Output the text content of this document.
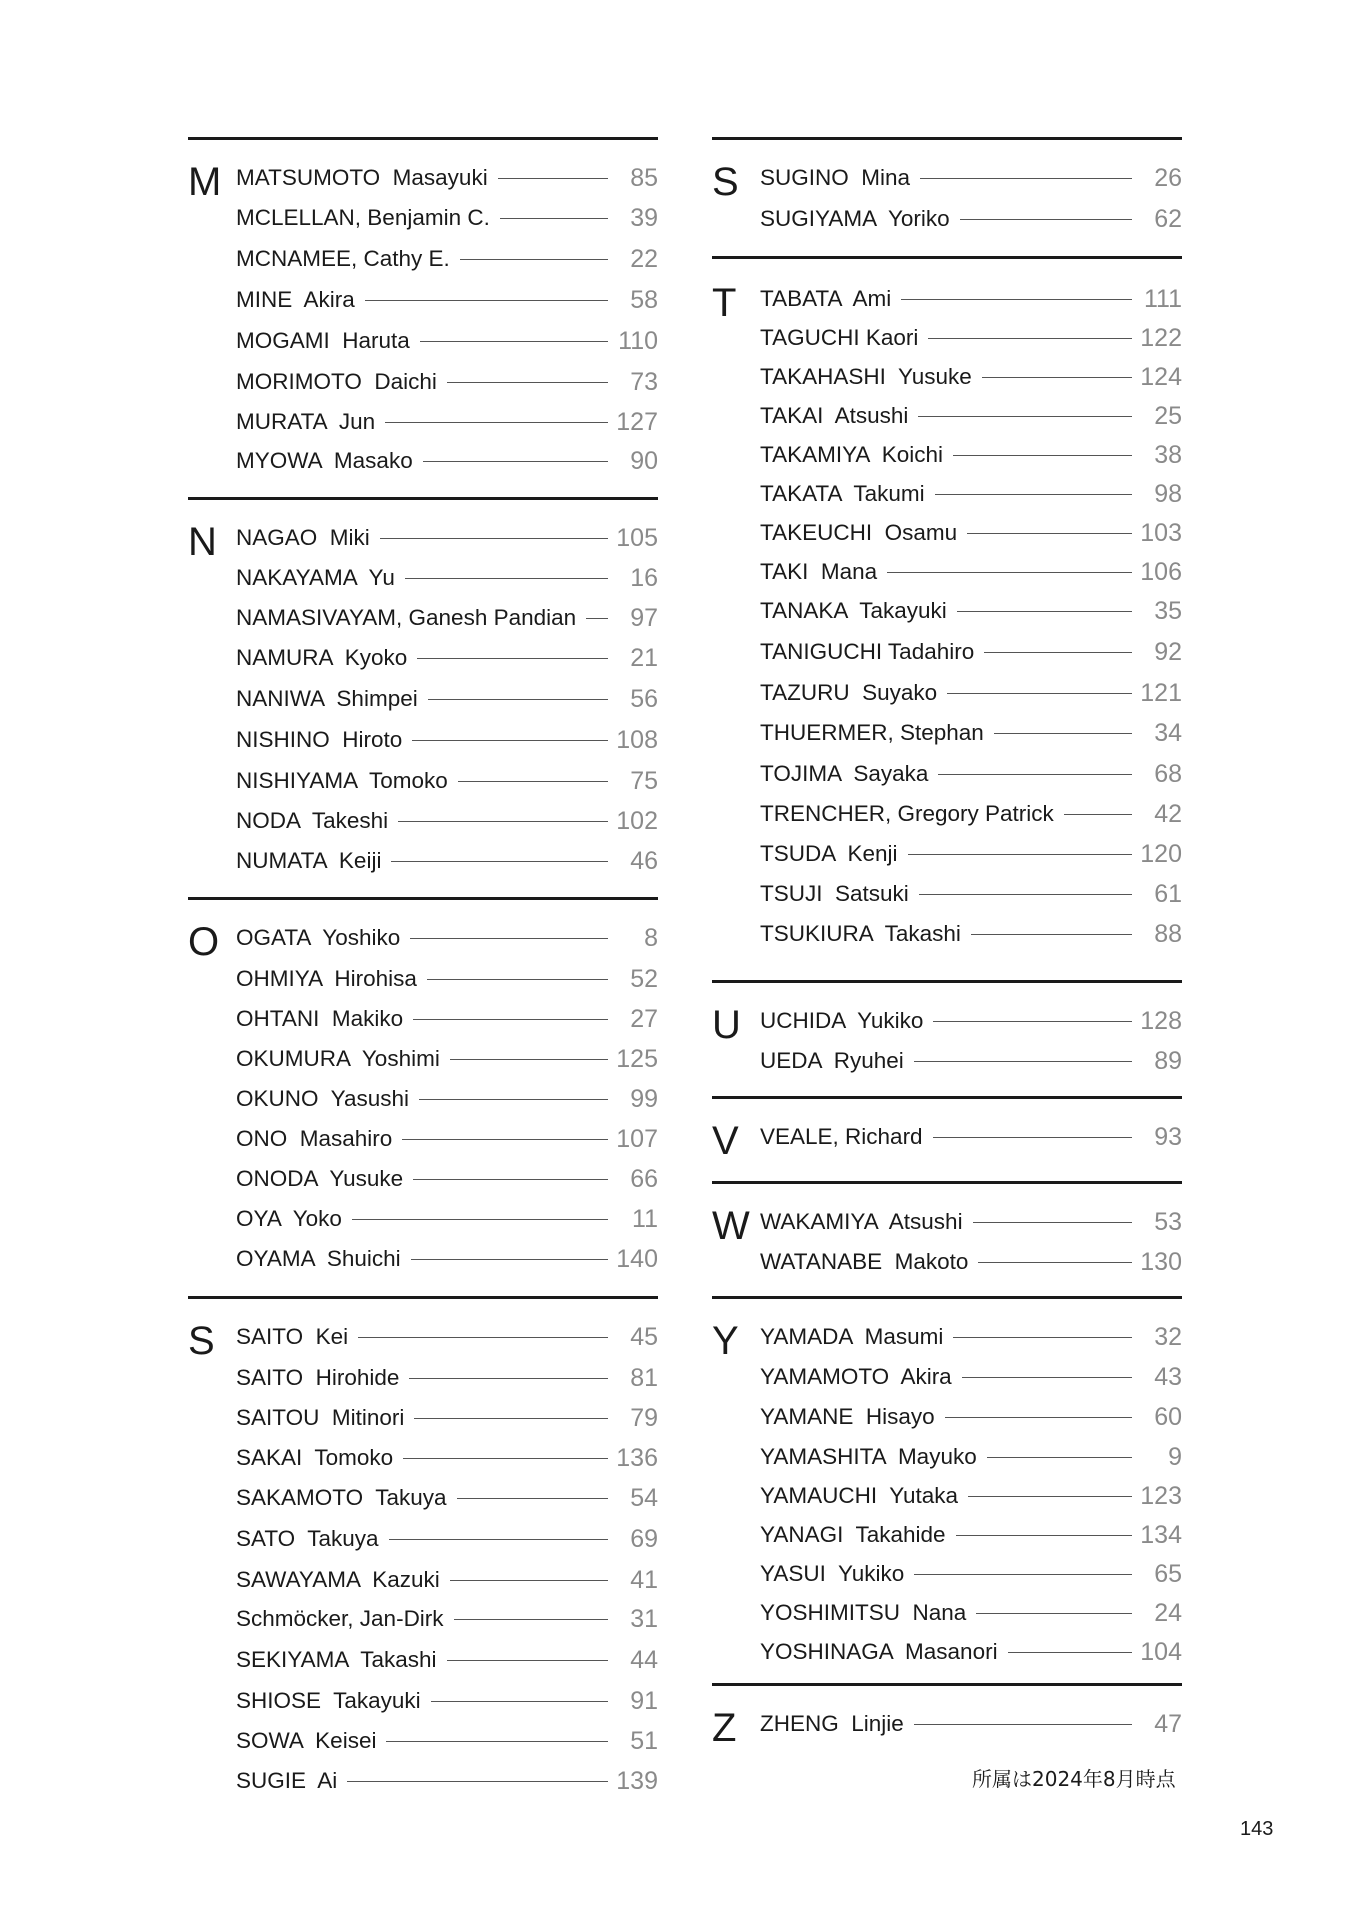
M MATSUMOTO  Masayuki	85
MCLELLAN, Benjamin C.	39
MCNAMEE, Cathy E.	22
MINE  Akira	58
MOGAMI  Haruta	110
MORIMOTO  Daichi	73
MURATA  Jun	127
MYOWA  Masako	90
N NAGAO  Miki	105
NAKAYAMA  Yu	16
NAMASIVAYAM, Ganesh Pandian	97
NAMURA  Kyoko	21
NANIWA  Shimpei	56
NISHINO  Hiroto	108
NISHIYAMA  Tomoko	75
NODA  Takeshi	102
NUMATA  Keiji	46
O OGATA  Yoshiko	8
OHMIYA  Hirohisa	52
OHTANI  Makiko	27
OKUMURA  Yoshimi	125
OKUNO  Yasushi	99
ONO  Masahiro	107
ONODA  Yusuke	66
OYA  Yoko	11
OYAMA  Shuichi	140
S SAITO  Kei	45
SAITO  Hirohide	81
SAITOU  Mitinori	79
SAKAI  Tomoko	136
SAKAMOTO  Takuya	54
SATO  Takuya	69
SAWAYAMA  Kazuki	41
Schmöcker, Jan-Dirk	31
SEKIYAMA  Takashi	44
SHIOSE  Takayuki	91
SOWA  Keisei	51
SUGIE  Ai	139
S SUGINO  Mina	26
SUGIYAMA  Yoriko	62
T TABATA  Ami	111
TAGUCHI Kaori	122
TAKAHASHI  Yusuke	124
TAKAI  Atsushi	25
TAKAMIYA  Koichi	38
TAKATA  Takumi	98
TAKEUCHI  Osamu	103
TAKI  Mana	106
TANAKA  Takayuki	35
TANIGUCHI Tadahiro	92
TAZURU  Suyako	121
THUERMER, Stephan	34
TOJIMA  Sayaka	68
TRENCHER, Gregory Patrick	42
TSUDA  Kenji	120
TSUJI  Satsuki	61
TSUKIURA  Takashi	88
U UCHIDA  Yukiko	128
UEDA  Ryuhei	89
V VEALE, Richard	93
W WAKAMIYA  Atsushi	53
WATANABE  Makoto	130
Y YAMADA  Masumi	32
YAMAMOTO  Akira	43
YAMANE  Hisayo	60
YAMASHITA  Mayuko	9
YAMAUCHI  Yutaka	123
YANAGI  Takahide	134
YASUI  Yukiko	65
YOSHIMITSU  Nana	24
YOSHINAGA  Masanori	104
Z ZHENG  Linjie	47
所属は2024年8月時点
143
